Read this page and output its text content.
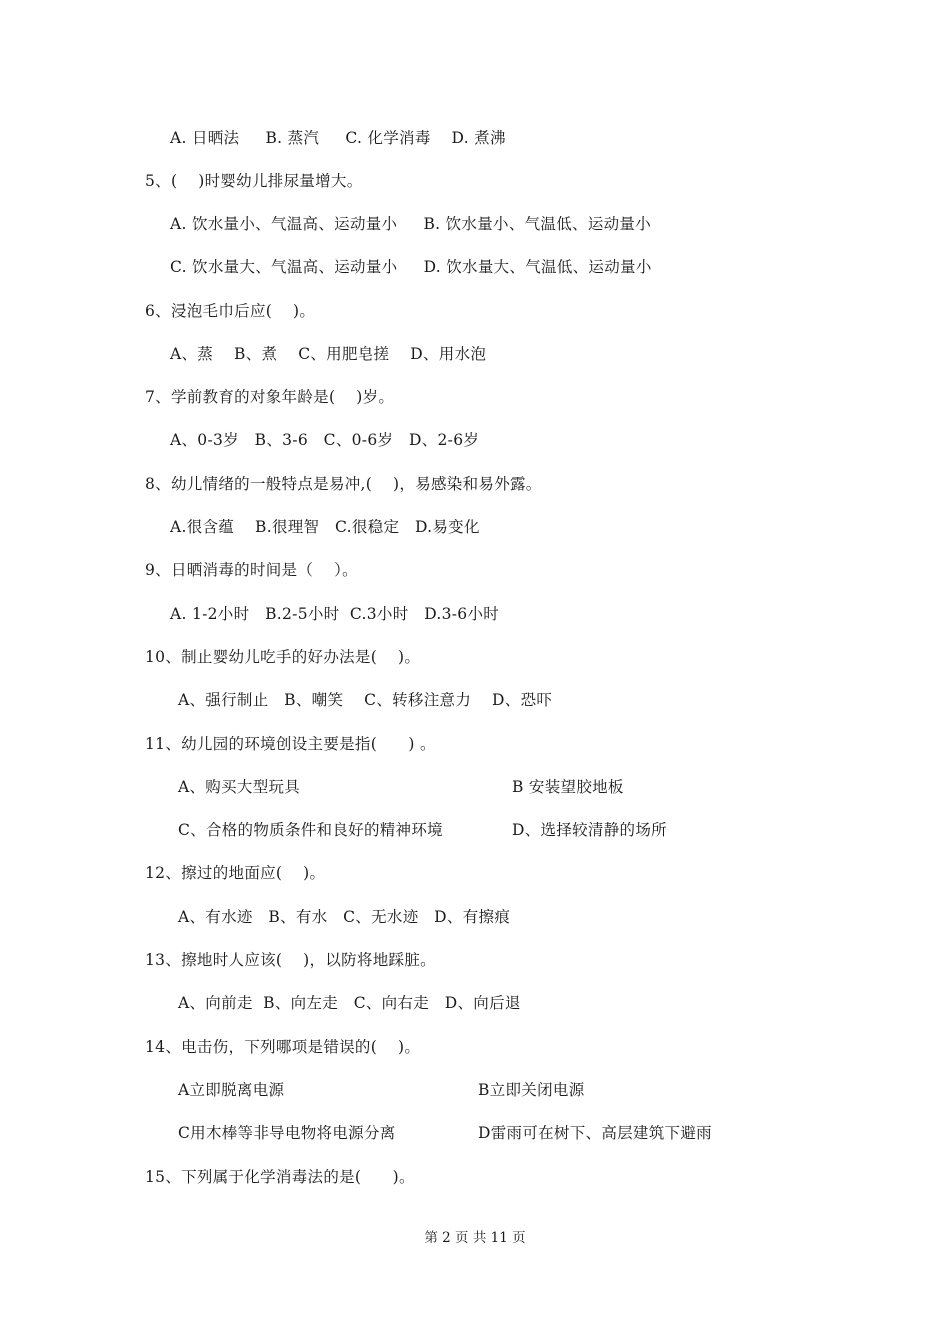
A. 日晒法     B. 蒸汽     C. 化学消毒    D. 煮沸
5、(    )时婴幼儿排尿量增大。
A. 饮水量小、气温高、运动量小     B. 饮水量小、气温低、运动量小
C. 饮水量大、气温高、运动量小     D. 饮水量大、气温低、运动量小
6、浸泡毛巾后应(    )。
A、蒸    B、煮    C、用肥皂搓    D、用水泡
7、学前教育的对象年龄是(    )岁。
A、0-3岁   B、3-6   C、0-6岁   D、2-6岁
8、幼儿情绪的一般特点是易冲,(    )，易感染和易外露。
A.很含蕴    B.很理智   C.很稳定   D.易变化
9、日晒消毒的时间是（    ）。
A. 1-2小时   B.2-5小时  C.3小时   D.3-6小时
10、制止婴幼儿吃手的好办法是(    )。
A、强行制止   B、嘲笑    C、转移注意力    D、恐吓
11、幼儿园的环境创设主要是指(      ) 。
A、购买大型玩具	B 安装望胶地板
C、合格的物质条件和良好的精神环境	D、选择较清静的场所
12、擦过的地面应(    )。
A、有水迹   B、有水   C、无水迹   D、有擦痕
13、擦地时人应该(    )，以防将地踩脏。
A、向前走  B、向左走   C、向右走   D、向后退
14、电击伤，下列哪项是错误的(    )。
A立即脱离电源	B立即关闭电源
C用木棒等非导电物将电源分离	D雷雨可在树下、高层建筑下避雨
15、下列属于化学消毒法的是(      )。
第 2 页 共 11 页
